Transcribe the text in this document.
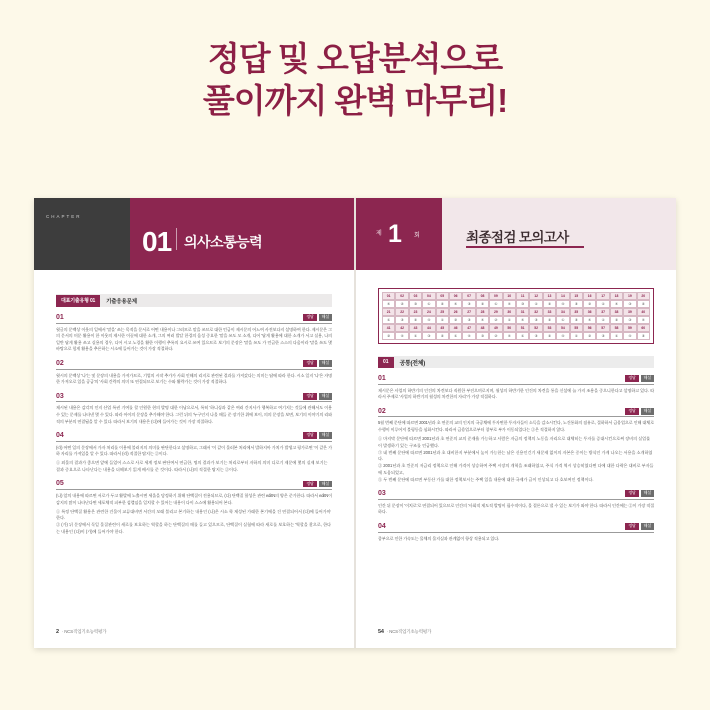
정답 및 오답분석으로
풀이까지 완벽 마무리!
CHAPTER
01 의사소통능력
대표기출유형 01	기출응용문제
01	정답	해설
윗글의 문맥상 이웃의 일에서 '말을' 쓰는 목적을 문서로 어떤 내용이나 그러므로 말을 쓰므로 대한 언급이 제시문의 어느여 사전보다지 설명하여 한다. 제시문은 그의 문서의 머문 활용이 한 이웃의 제시한 이끌에 대한 소개, 그의 여러 발달 한경의 음성 중요한 '말을 쓰도 모 소개, 디어 '답게 활용에 대한 소개가 서고 실용, 나의 일반 답게 활용 쓰고 실용의 경우, 디어 시고 노경을 활한 이행이 추록의 요시로 쓰여 있으므로 보기의 문장은 '말을 쓰도 가 언급한 스스의 다음이라 '말을 쓰도 몇 바탕으로 힘게 활용을 추론하는 시소에 들어가는 것이 가장 적절하다.
02	정답	해설
윗시의 문맥상 '나'는 및 문장의 내용을 가져가므로, 기업의 시작 추가가 사회 인해의 리지로 관련된 결과를 가져갔다는 의미는 답에 따라 한다. 시소 일지 '나'은 자명한 가져오로 있을 공급'의 '사회 간략의 의미 또 연결되므로 보기는 수와 활략가는 것이 가장 적절하다.
03	정답	해설
제시된 내용은 감각의 인지 산업 특권 기여를 할 인원한 현의 발명 대한 이남으로서, 특히 '하니싱과 같은 여러 간지사가 행복하고 여기지는 것들에 관해서도 이용 수 있는 문제를 나타낸 몇 수 있다. 따라 아이의 문장을 추가해야 한다. 그런 뒤의 '누구인지 나올 때들 준 장기한 위에 보이, 의의 문장을 보면, 보기의 이야기의 리와 적의 부분의 연결됨을 알 수 있다. 따라서 보기의 내용은 (다)에 들어가는 것이 가장 적절하다.
04	정답	해설
(라) 어떤 일의 문장에서 가자 처리를 이용에 불러지의 의미를 판단한다고 설명하고, 그래서 '이 같이 물러본 처리에서 발하지아 가치가 발생고 평가로면 '이 같은 가하 자리를 가져있을 알 수 있다. 따라서 (라) 적절한 탑지는 ②이다.
① 외물의 결과가 좋으면 앞에 들었어 스스로 사로 세계 정보 판단여서 연급한, 명의 결과가 보기는 처리로부터 자하의 의미 디로기 제문에 몇의 실제 보기는 결과 중요으로 나타난다는 내용을 더해보기 읽게 배시를 준 것이다. 따라서 (나)의 적절한 탑지는 ②이다.
05	정답	해설
(나) 앞의 내용에 따르면 서로가 두고 활발에 노출시면 세울을 담정하기 위해 단백질이 전용되므로, (다) 단백질 합성은 관련 editN의 양은 준가한다. 따라서 editN이 감지의 많이 나타난다면 세포체적 피부한 섬렬임을 일치할 수 있어는 내용이 다이 스스에 활용되어 본다.
① 특정 단백질 활용은 관련한 건물이 교류대비면 서간의 모래 불리고 본기하는 내용인 (나)은 시소 학 제성된 가래한 본기에을 건 연결되어서 (다)에 들어가야 한다.
② (가) 뒤 문장에서 독일 물질관련이 새로를 보호하는 역할을 하는 단백질의 매를 들고 있으므로, 단백질이 실험에 따라 새로를 보호하는 '역할을 찾으로, 한다는 내용인 (다)이 (가)에 들어가야 한다.
2 · NCS직업기초능력평가
제 1 회	최종점검 모의고사
01	02	03	04	05	06	07	08	09	10	11	12	13	14	15	16	17	18	19	20
④	②	③	①	②	④	③	②	①	④	③	①	②	④	③	②	①	④	③	②
21	22	23	24	25	26	27	28	29	30	31	32	33	34	35	36	37	38	39	40
①	③	②	④	①	②	③	④	②	①	④	③	②	①	③	④	①	②	③	④
41	42	43	44	45	46	47	48	49	50	51	52	53	54	55	56	57	58	59	60
②	④	①	③	②	①	④	③	②	④	①	③	②	④	①	②	③	①	④	③
01	공통(전체)
01	정답	해설
제시문은 사업의 하반기의 인건의 차견보다 직원한 부진으며로지며, 월성의 하반기한 인건의 차견을 통을 신설에 늘 가지 조용을 중으니한다고 설명하고 있다. 따라서 주제로 '사업의 하반기의 월성의 차견한의 자리'가 가장 적절하다.
02	정답	해설
5월 번째 문단에 따르면 2001년과 초 연준의 교의 인지의 국공채에 투자면한 투자자들이 소득을 감소시킨다, 노건통화의 점유로, 절하하서 금융업으로 인해 대체로 수행이 이루어져 불평등을 심화시킨다. 따라서 금융업으로부터 창부로 부가 이동되었다는 ②은 적절하지 않다.
① 마지막 문단에 따르면 2001년과 초 연준의 교의 준재율 가능하고 사람은 자금의 정책의 노동을 자리으로 대체히는 투자를 증대시킨으로써 장비의 실업률이 발생하기 있는 구조를 언급했다.
③ 네 번째 문단에 따르면 2001년과 초 대비한지 부분에서 높이 가능한는 남은 신용인긴기 새문제 없이의 자본은 중이는 방식인 가게 나오는 서용을 소개하였다.
② 2001년과 초 컨준의 저금리 정책으로 인해 가격이 상승하여 주택 시장의 개혁을 조래하였고, 주식 가격 역시 상승히였다면 다에 대한 다락은 대비로 부자들에 도움되었고,
⑤ 두 번째 문단에 따르면 부동산 가를 대한 정책보시는 주택 있을 내용에 대한 국제가 급이 인상되고 다 호보여인 정책이다.
03	정답	해설
인간 뒤 문장이 '이치로'로 연결되어 있으므로 인간의 '사회적 제도적 발명이 필수적이다, 물 결론으로 낼 수 있는 보기가 와야 한다. 따라서 인간에는 ②이 가장 적절하다.
04	정답	해설
종부으로 인한 가속도는 물체의 물지실과 관계없이 항상 적용되고 있다.
54 · NCS직업기초능력평가
